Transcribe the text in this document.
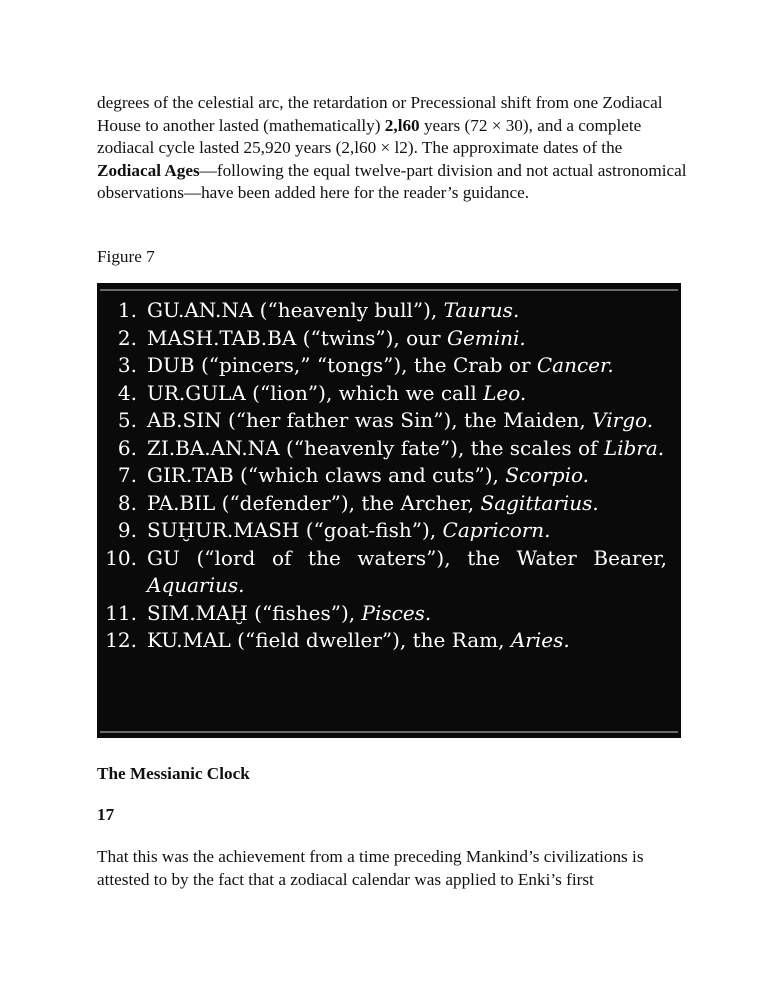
degrees of the celestial arc, the retardation or Precessional shift from one Zodiacal House to another lasted (mathematically) 2,l60 years (72 × 30), and a complete zodiacal cycle lasted 25,920 years (2,l60 × l2). The approximate dates of the Zodiacal Ages—following the equal twelve-part division and not actual astronomical observations—have been added here for the reader’s guidance.

Figure 7

1. GU.AN.NA (“heavenly bull”), Taurus.
2. MASH.TAB.BA (“twins”), our Gemini.
3. DUB (“pincers,” “tongs”), the Crab or Cancer.
4. UR.GULA (“lion”), which we call Leo.
5. AB.SIN (“her father was Sin”), the Maiden, Virgo.
6. ZI.BA.AN.NA (“heavenly fate”), the scales of Libra.
7. GIR.TAB (“which claws and cuts”), Scorpio.
8. PA.BIL (“defender”), the Archer, Sagittarius.
9. SUḪUR.MASH (“goat-fish”), Capricorn.
10. GU (“lord of the waters”), the Water Bearer, Aquarius.
11. SIM.MAḪ (“fishes”), Pisces.
12. KU.MAL (“field dweller”), the Ram, Aries.

The Messianic Clock

17

That this was the achievement from a time preceding Mankind’s civilizations is attested to by the fact that a zodiacal calendar was applied to Enki’s first
